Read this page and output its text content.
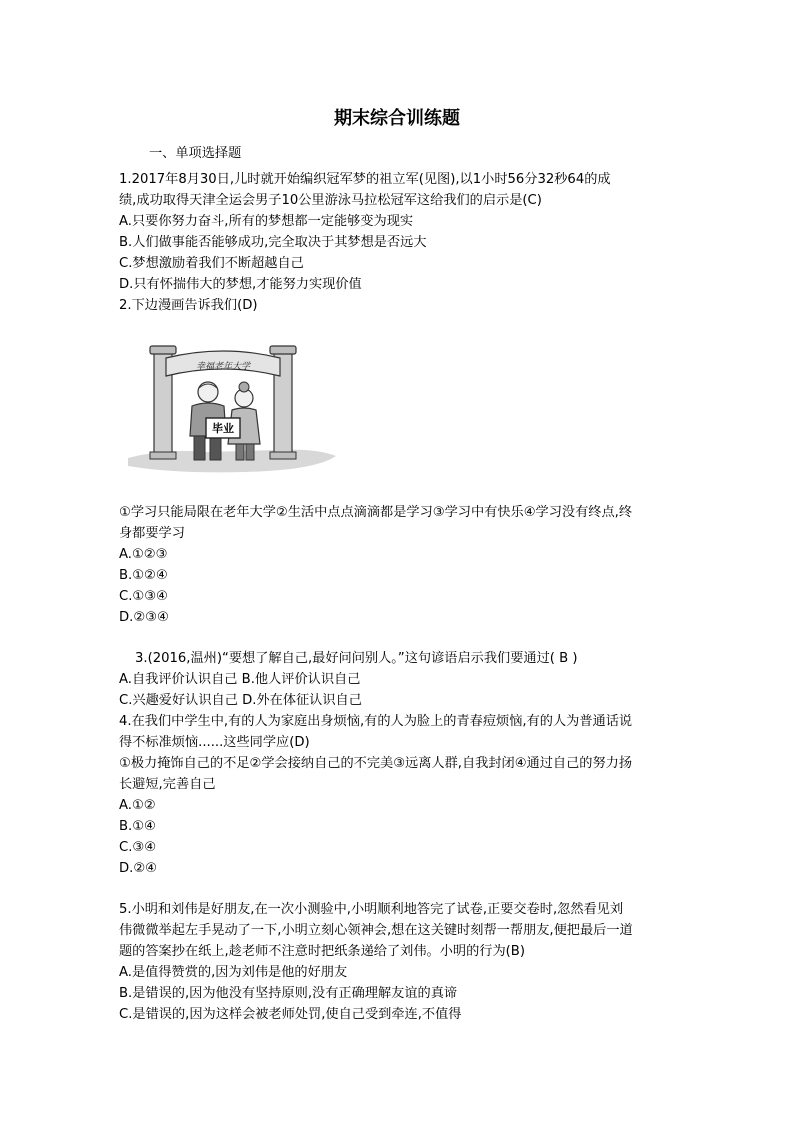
期末综合训练题
一、单项选择题
1.2017年8月30日,儿时就开始编织冠军梦的祖立军(见图),以1小时56分32秒64的成
绩,成功取得天津全运会男子10公里游泳马拉松冠军这给我们的启示是(C)
A.只要你努力奋斗,所有的梦想都一定能够变为现实
B.人们做事能否能够成功,完全取决于其梦想是否远大
C.梦想激励着我们不断超越自己
D.只有怀揣伟大的梦想,才能努力实现价值
2.下边漫画告诉我们(D)
幸福老年大学
毕业
①学习只能局限在老年大学②生活中点点滴滴都是学习③学习中有快乐④学习没有终点,终
身都要学习
A.①②③
B.①②④
C.①③④
D.②③④
3.(2016,温州)“要想了解自己,最好问问别人。”这句谚语启示我们要通过( B )
A.自我评价认识自己 B.他人评价认识自己
C.兴趣爱好认识自己 D.外在体征认识自己
4.在我们中学生中,有的人为家庭出身烦恼,有的人为脸上的青春痘烦恼,有的人为普通话说
得不标准烦恼......这些同学应(D)
①极力掩饰自己的不足②学会接纳自己的不完美③远离人群,自我封闭④通过自己的努力扬
长避短,完善自己
A.①②
B.①④
C.③④
D.②④
5.小明和刘伟是好朋友,在一次小测验中,小明顺利地答完了试卷,正要交卷时,忽然看见刘
伟微微举起左手晃动了一下,小明立刻心领神会,想在这关键时刻帮一帮朋友,便把最后一道
题的答案抄在纸上,趁老师不注意时把纸条递给了刘伟。小明的行为(B)
A.是值得赞赏的,因为刘伟是他的好朋友
B.是错误的,因为他没有坚持原则,没有正确理解友谊的真谛
C.是错误的,因为这样会被老师处罚,使自己受到牵连,不值得
